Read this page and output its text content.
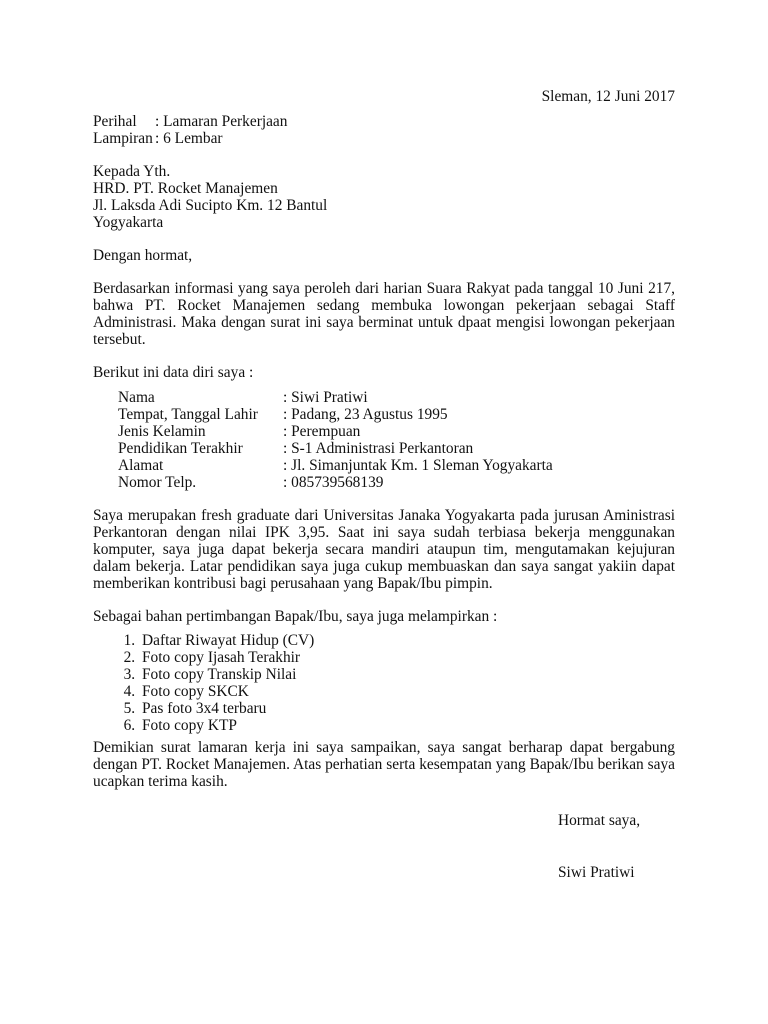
Sleman, 12 Juni 2017

Perihal	: Lamaran Perkerjaan
Lampiran : 6 Lembar
Kepada Yth.
HRD. PT. Rocket Manajemen
Jl. Laksda Adi Sucipto Km. 12 Bantul
Yogyakarta
Dengan hormat,
Berdasarkan informasi yang saya peroleh dari harian Suara Rakyat pada tanggal 10 Juni 217, bahwa PT. Rocket Manajemen sedang membuka lowongan pekerjaan sebagai Staff Administrasi. Maka dengan surat ini saya berminat untuk dpaat mengisi lowongan pekerjaan tersebut.
Berikut ini data diri saya :
Nama	: Siwi Pratiwi
Tempat, Tanggal Lahir	: Padang, 23 Agustus 1995
Jenis Kelamin	: Perempuan
Pendidikan Terakhir	: S-1 Administrasi Perkantoran
Alamat	: Jl. Simanjuntak Km. 1 Sleman Yogyakarta
Nomor Telp.	: 085739568139
Saya merupakan fresh graduate dari Universitas Janaka Yogyakarta pada jurusan Aministrasi Perkantoran dengan nilai IPK 3,95. Saat ini saya sudah terbiasa bekerja menggunakan komputer, saya juga dapat bekerja secara mandiri ataupun tim, mengutamakan kejujuran dalam bekerja. Latar pendidikan saya juga cukup membuaskan dan saya sangat yakiin dapat memberikan kontribusi bagi perusahaan yang Bapak/Ibu pimpin.
Sebagai bahan pertimbangan Bapak/Ibu, saya juga melampirkan :
1. Daftar Riwayat Hidup (CV)
2. Foto copy Ijasah Terakhir
3. Foto copy Transkip Nilai
4. Foto copy SKCK
5. Pas foto 3x4 terbaru
6. Foto copy KTP
Demikian surat lamaran kerja ini saya sampaikan, saya sangat berharap dapat bergabung dengan PT. Rocket Manajemen. Atas perhatian serta kesempatan yang Bapak/Ibu berikan saya ucapkan terima kasih.
Hormat saya,
Siwi Pratiwi
